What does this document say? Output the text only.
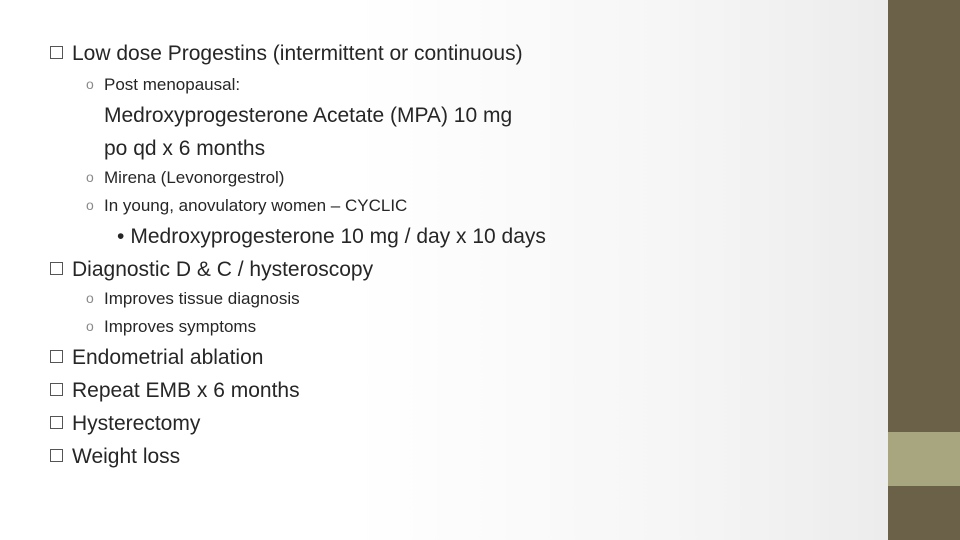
Low dose Progestins (intermittent or continuous)
o Post menopausal:
Medroxyprogesterone Acetate (MPA) 10 mg
po qd x 6 months
o Mirena (Levonorgestrol)
o In young, anovulatory women – CYCLIC
• Medroxyprogesterone 10 mg / day x 10 days
Diagnostic D & C / hysteroscopy
o Improves tissue diagnosis
o Improves symptoms
Endometrial ablation
Repeat EMB x 6 months
Hysterectomy
Weight loss
